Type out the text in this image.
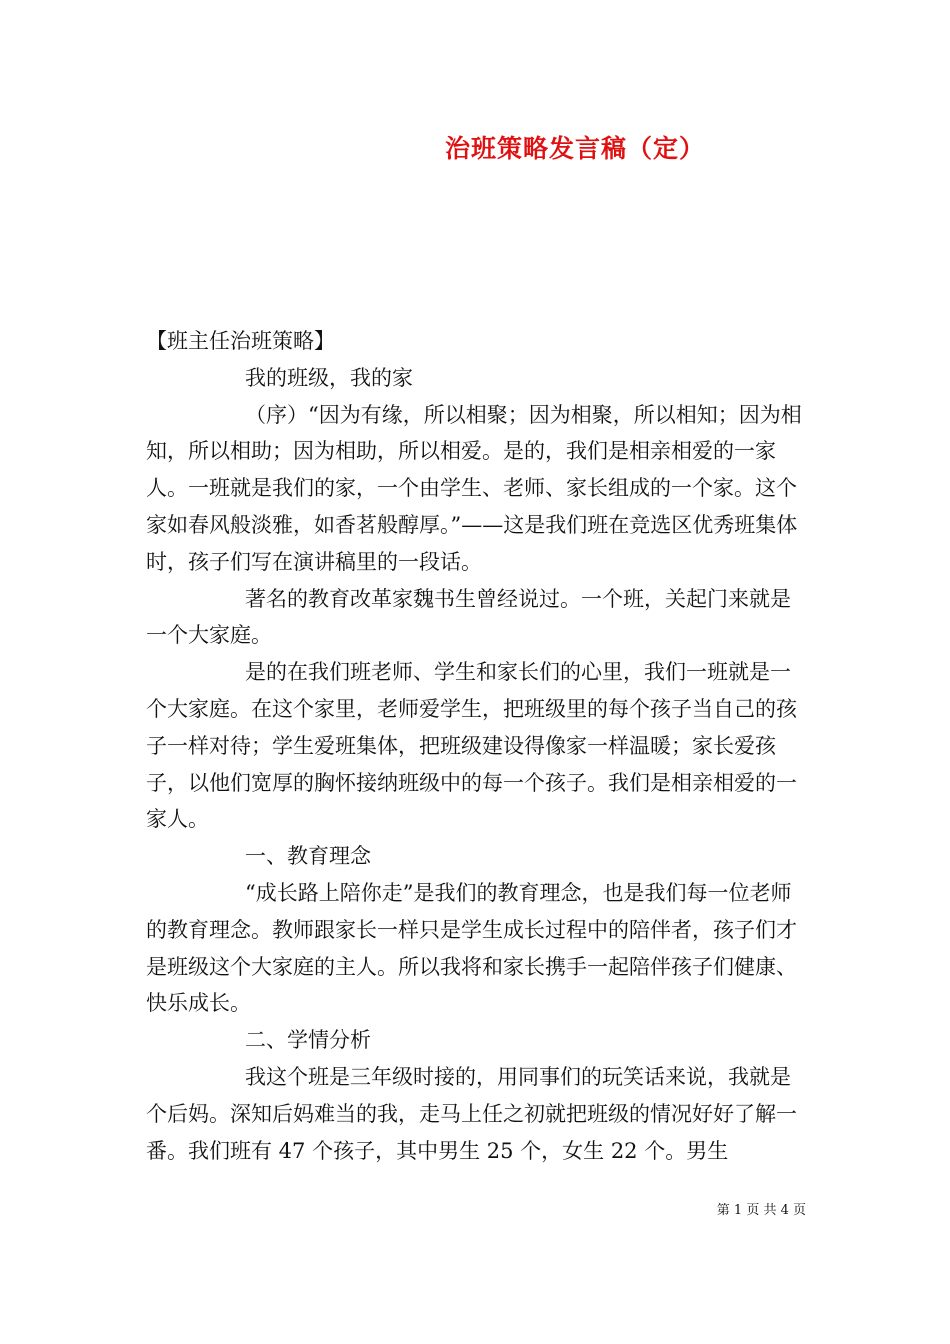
治班策略发言稿（定）

【班主任治班策略】

我的班级，我的家

（序）“因为有缘，所以相聚；因为相聚，所以相知；因为相知，所以相助；因为相助，所以相爱。是的，我们是相亲相爱的一家人。一班就是我们的家，一个由学生、老师、家长组成的一个家。这个家如春风般淡雅，如香茗般醇厚。”——这是我们班在竞选区优秀班集体时，孩子们写在演讲稿里的一段话。

著名的教育改革家魏书生曾经说过。一个班，关起门来就是一个大家庭。

是的在我们班老师、学生和家长们的心里，我们一班就是一个大家庭。在这个家里，老师爱学生，把班级里的每个孩子当自己的孩子一样对待；学生爱班集体，把班级建设得像家一样温暖；家长爱孩子，以他们宽厚的胸怀接纳班级中的每一个孩子。我们是相亲相爱的一家人。

一、教育理念

“成长路上陪你走”是我们的教育理念，也是我们每一位老师的教育理念。教师跟家长一样只是学生成长过程中的陪伴者，孩子们才是班级这个大家庭的主人。所以我将和家长携手一起陪伴孩子们健康、快乐成长。

二、学情分析

我这个班是三年级时接的，用同事们的玩笑话来说，我就是个后妈。深知后妈难当的我，走马上任之初就把班级的情况好好了解一番。我们班有 47 个孩子，其中男生 25 个，女生 22 个。男生

第 1 页 共 4 页
